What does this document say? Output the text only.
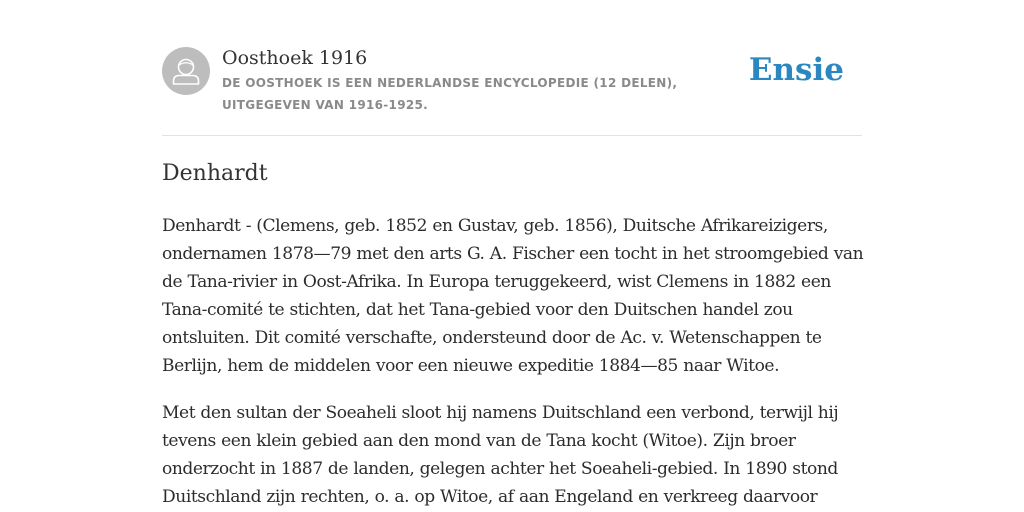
Oosthoek 1916
DE OOSTHOEK IS EEN NEDERLANDSE ENCYCLOPEDIE (12 DELEN), UITGEGEVEN VAN 1916-1925.
Ensie
Denhardt

Denhardt - (Clemens, geb. 1852 en Gustav, geb. 1856), Duitsche Afrikareizigers, ondernamen 1878—79 met den arts G. A. Fischer een tocht in het stroomgebied van de Tana-rivier in Oost-Afrika. In Europa teruggekeerd, wist Clemens in 1882 een Tana-comité te stichten, dat het Tana-gebied voor den Duitschen handel zou ontsluiten. Dit comité verschafte, ondersteund door de Ac. v. Wetenschappen te Berlijn, hem de middelen voor een nieuwe expeditie 1884—85 naar Witoe.

Met den sultan der Soeaheli sloot hij namens Duitschland een verbond, terwijl hij tevens een klein gebied aan den mond van de Tana kocht (Witoe). Zijn broer onderzocht in 1887 de landen, gelegen achter het Soeaheli-gebied. In 1890 stond Duitschland zijn rechten, o. a. op Witoe, af aan Engeland en verkreeg daarvoor
